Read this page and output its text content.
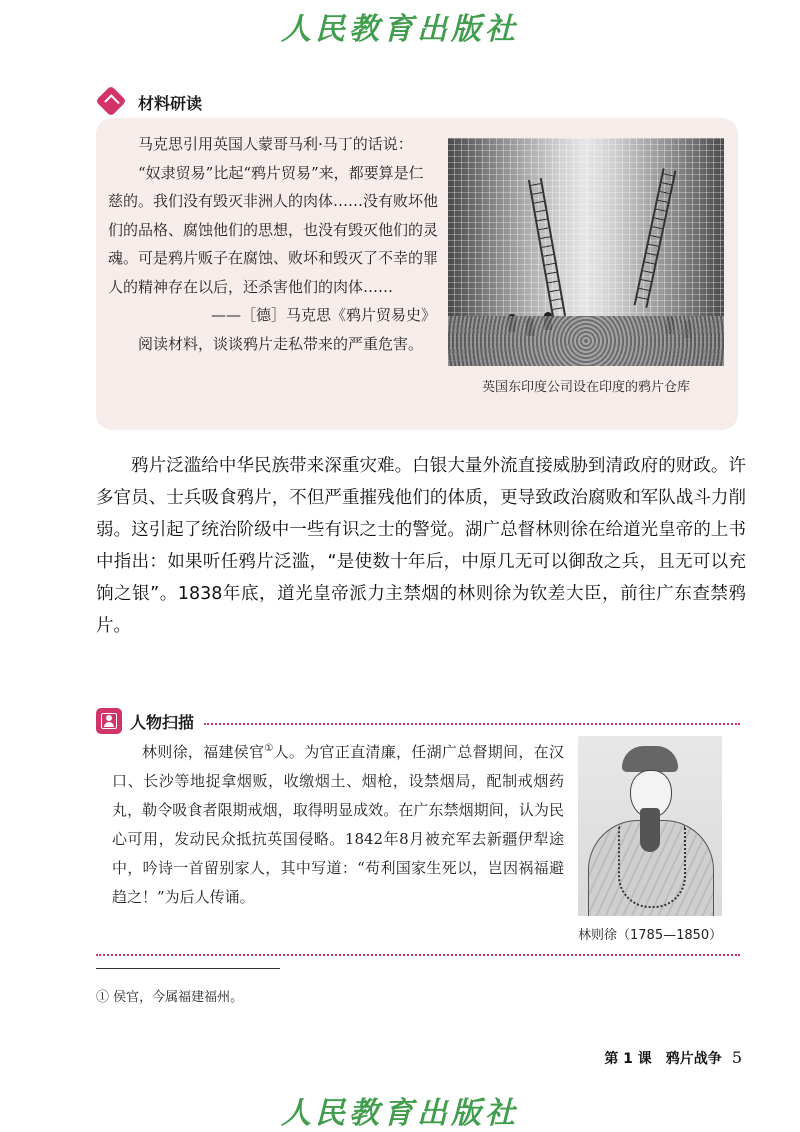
人民教育出版社
材料研读

马克思引用英国人蒙哥马利·马丁的话说：

“奴隶贸易”比起“鸦片贸易”来，都要算是仁慈的。我们没有毁灭非洲人的肉体……没有败坏他们的品格、腐蚀他们的思想，也没有毁灭他们的灵魂。可是鸦片贩子在腐蚀、败坏和毁灭了不幸的罪人的精神存在以后，还杀害他们的肉体……

——［德］马克思《鸦片贸易史》

阅读材料，谈谈鸦片走私带来的严重危害。

英国东印度公司设在印度的鸦片仓库

鸦片泛滥给中华民族带来深重灾难。白银大量外流直接威胁到清政府的财政。许多官员、士兵吸食鸦片，不但严重摧残他们的体质，更导致政治腐败和军队战斗力削弱。这引起了统治阶级中一些有识之士的警觉。湖广总督林则徐在给道光皇帝的上书中指出：如果听任鸦片泛滥，“是使数十年后，中原几无可以御敌之兵，且无可以充饷之银”。1838年底，道光皇帝派力主禁烟的林则徐为钦差大臣，前往广东查禁鸦片。

人物扫描

林则徐，福建侯官①人。为官正直清廉，任湖广总督期间，在汉口、长沙等地捉拿烟贩，收缴烟土、烟枪，设禁烟局，配制戒烟药丸，勒令吸食者限期戒烟，取得明显成效。在广东禁烟期间，认为民心可用，发动民众抵抗英国侵略。1842年8月被充军去新疆伊犁途中，吟诗一首留别家人，其中写道：“苟利国家生死以，岂因祸福避趋之！”为后人传诵。

林则徐（1785—1850）

① 侯官，今属福建福州。

第 1 课　鸦片战争 5
人民教育出版社
